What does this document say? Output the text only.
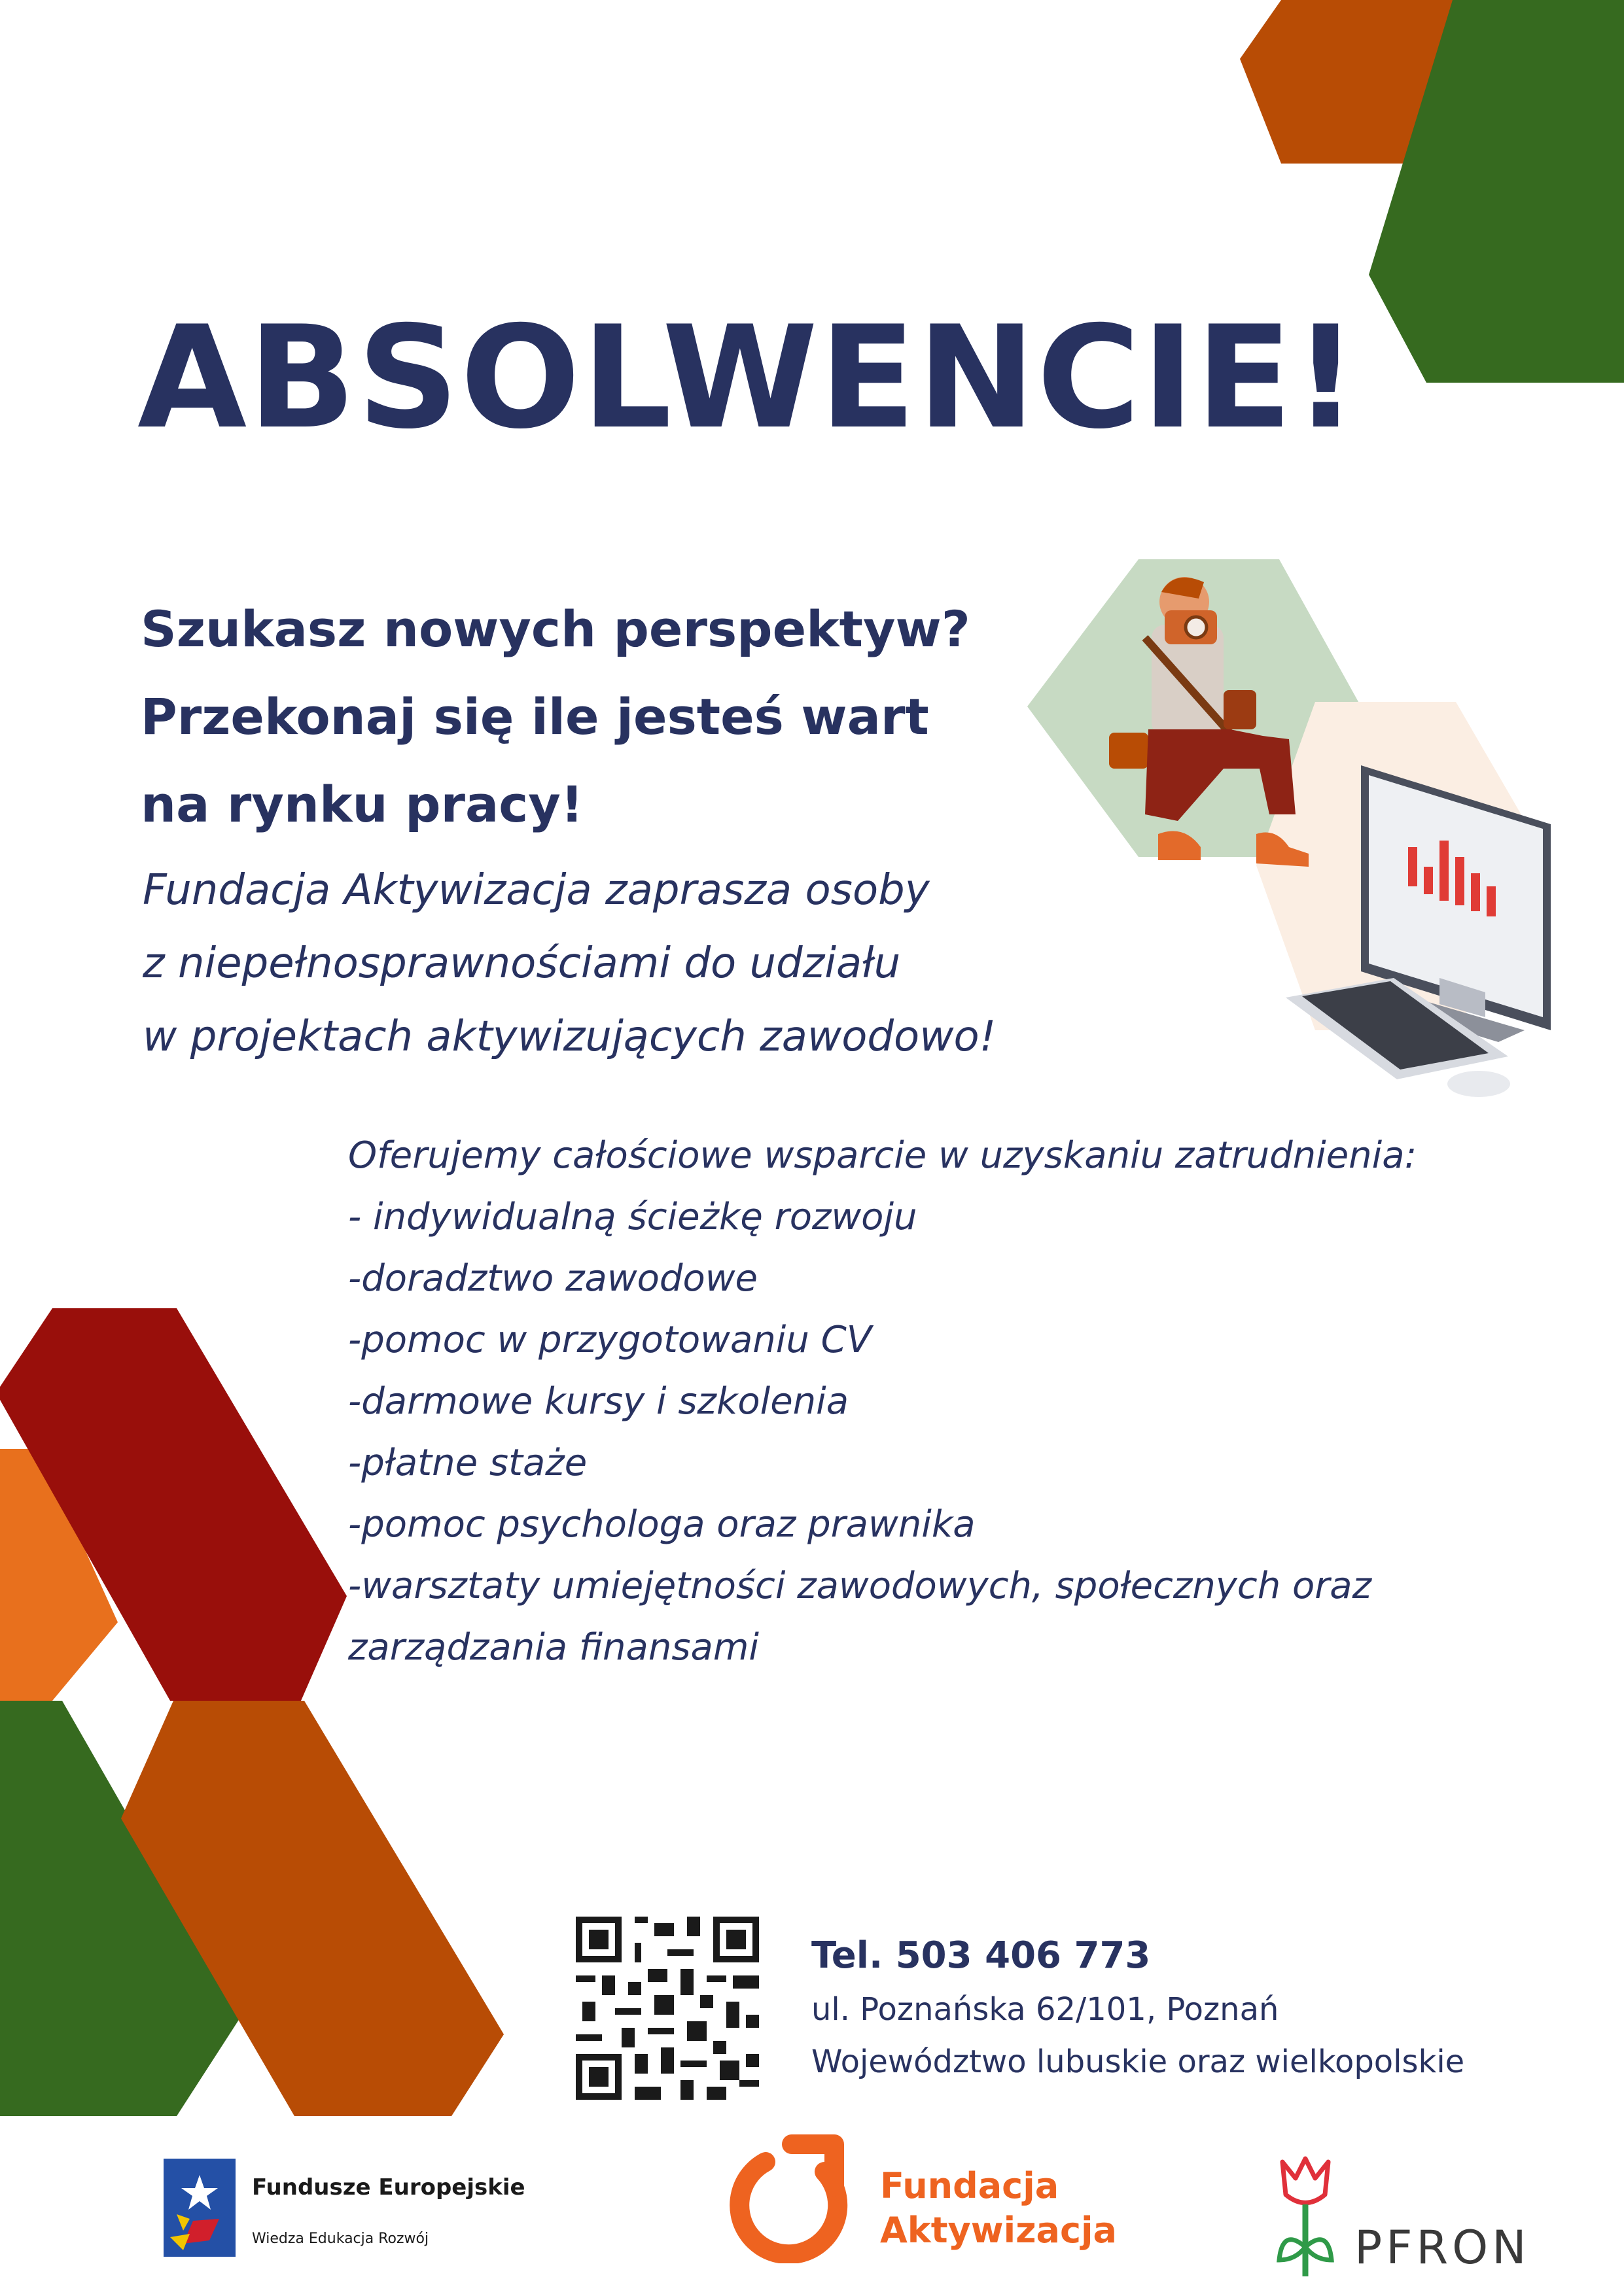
ABSOLWENCIE!
Szukasz nowych perspektyw?
Przekonaj się ile jesteś wart
na rynku pracy!
Fundacja Aktywizacja zaprasza osoby
z niepełnosprawnościami do udziału
w projektach aktywizujących zawodowo!
Oferujemy całościowe wsparcie w uzyskaniu zatrudnienia:
- indywidualną ścieżkę rozwoju
-doradztwo zawodowe
-pomoc w przygotowaniu CV
-darmowe kursy i szkolenia
-płatne staże
-pomoc psychologa oraz prawnika
-warsztaty umiejętności zawodowych, społecznych oraz
zarządzania finansami
Tel. 503 406 773
ul. Poznańska 62/101, Poznań
Województwo lubuskie oraz wielkopolskie
Fundusze Europejskie
Wiedza Edukacja Rozwój
Fundacja Aktywizacja	PFRON
